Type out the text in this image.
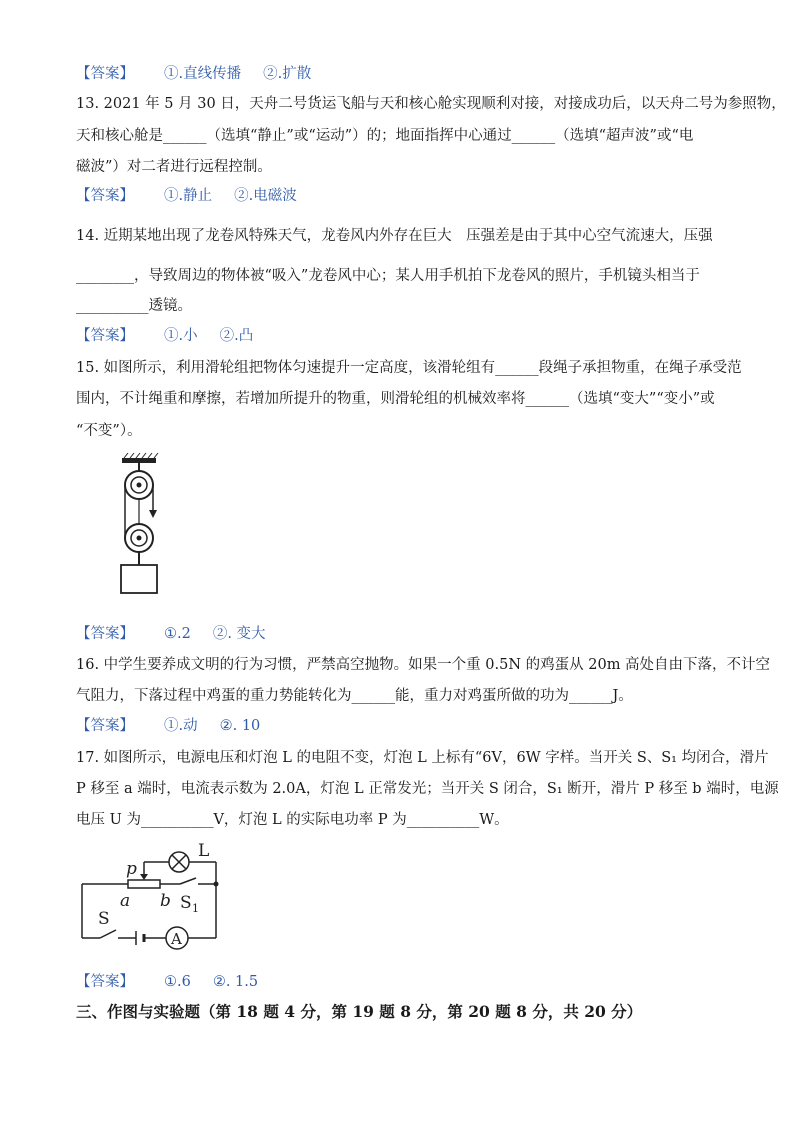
【答案】 ①.直线传播 ②.扩散
13. 2021 年 5 月 30 日，天舟二号货运飞船与天和核心舱实现顺利对接，对接成功后，以天舟二号为参照物，
天和核心舱是______（选填“静止”或“运动”）的；地面指挥中心通过______（选填“超声波”或“电
磁波”）对二者进行远程控制。
【答案】 ①.静止 ②.电磁波
14. 近期某地出现了龙卷风特殊天气，龙卷风内外存在巨大　压强差是由于其中心空气流速大，压强
________，导致周边的物体被“吸入”龙卷风中心；某人用手机拍下龙卷风的照片，手机镜头相当于
__________透镜。
【答案】 ①.小 ②.凸
15. 如图所示，利用滑轮组把物体匀速提升一定高度，该滑轮组有______段绳子承担物重，在绳子承受范
围内，不计绳重和摩擦，若增加所提升的物重，则滑轮组的机械效率将______（选填“变大”“变小”或
“不变”）。
【答案】 ①.2 ②. 变大
16. 中学生要养成文明的行为习惯，严禁高空抛物。如果一个重 0.5N 的鸡蛋从 20m 高处自由下落，不计空
气阻力，下落过程中鸡蛋的重力势能转化为______能，重力对鸡蛋所做的功为______J。
【答案】 ①.动 ②. 10
17. 如图所示，电源电压和灯泡 L 的电阻不变，灯泡 L 上标有“6V，6W 字样。当开关 S、S₁ 均闭合，滑片
P 移至 a 端时，电流表示数为 2.0A，灯泡 L 正常发光；当开关 S 闭合，S₁ 断开，滑片 P 移至 b 端时，电源
电压 U 为__________V，灯泡 L 的实际电功率 P 为__________W。
p
L
a b S 1
S
A
【答案】 ①.6 ②. 1.5
三、作图与实验题（第 18 题 4 分，第 19 题 8 分，第 20 题 8 分，共 20 分）
